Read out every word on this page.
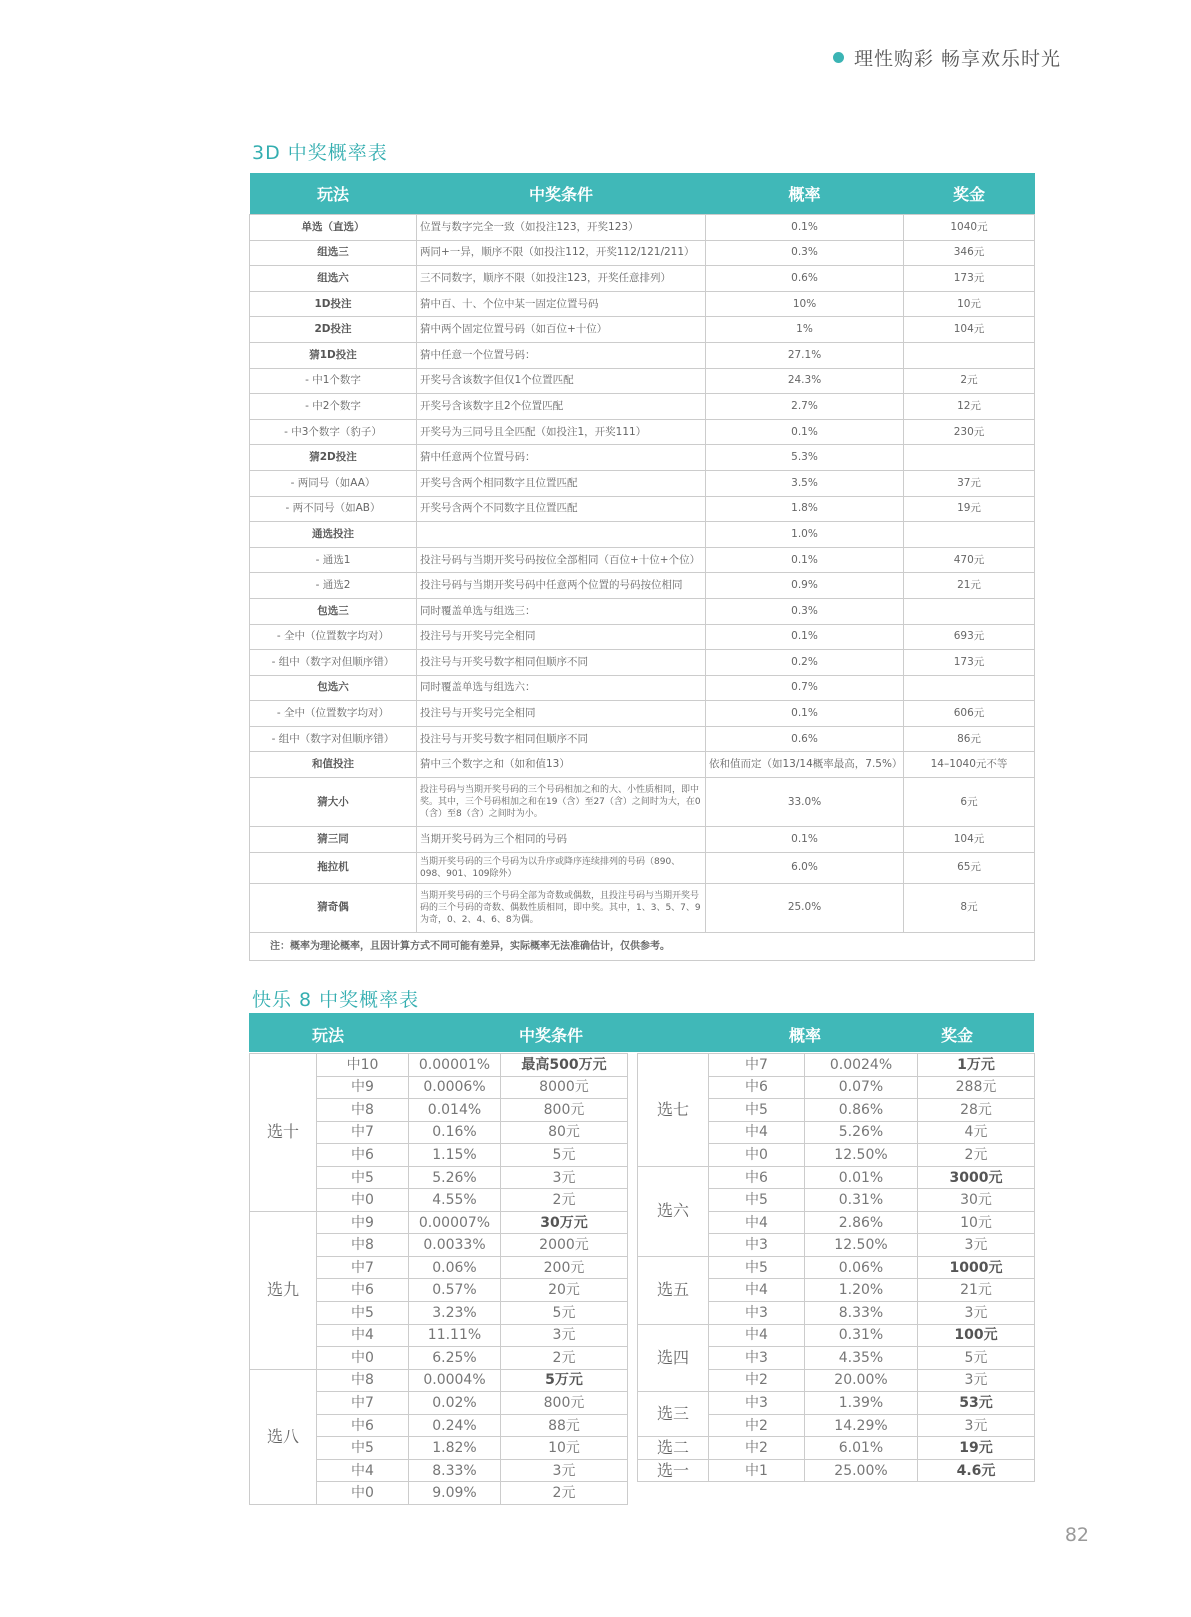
理性购彩 畅享欢乐时光
3D 中奖概率表
玩法	中奖条件	概率	奖金
单选（直选）	位置与数字完全一致（如投注123，开奖123）	0.1%	1040元
组选三	两同+一异，顺序不限（如投注112，开奖112/121/211）	0.3%	346元
组选六	三不同数字，顺序不限（如投注123，开奖任意排列）	0.6%	173元
1D投注	猜中百、十、个位中某一固定位置号码	10%	10元
2D投注	猜中两个固定位置号码（如百位+十位）	1%	104元
猜1D投注	猜中任意一个位置号码：	27.1%	
- 中1个数字	开奖号含该数字但仅1个位置匹配	24.3%	2元
- 中2个数字	开奖号含该数字且2个位置匹配	2.7%	12元
- 中3个数字（豹子）	开奖号为三同号且全匹配（如投注1，开奖111）	0.1%	230元
猜2D投注	猜中任意两个位置号码：	5.3%	
- 两同号（如AA）	开奖号含两个相同数字且位置匹配	3.5%	37元
- 两不同号（如AB）	开奖号含两个不同数字且位置匹配	1.8%	19元
通选投注		1.0%	
- 通选1	投注号码与当期开奖号码按位全部相同（百位+十位+个位）	0.1%	470元
- 通选2	投注号码与当期开奖号码中任意两个位置的号码按位相同	0.9%	21元
包选三	同时覆盖单选与组选三：	0.3%	
- 全中（位置数字均对）	投注号与开奖号完全相同	0.1%	693元
- 组中（数字对但顺序错）	投注号与开奖号数字相同但顺序不同	0.2%	173元
包选六	同时覆盖单选与组选六：	0.7%	
- 全中（位置数字均对）	投注号与开奖号完全相同	0.1%	606元
- 组中（数字对但顺序错）	投注号与开奖号数字相同但顺序不同	0.6%	86元
和值投注	猜中三个数字之和（如和值13）	依和值而定（如13/14概率最高，7.5%）	14–1040元不等
猜大小	投注号码与当期开奖号码的三个号码相加之和的大、小性质相同，即中奖。其中，三个号码相加之和在19（含）至27（含）之间时为大，在0（含）至8（含）之间时为小。	33.0%	6元
猜三同	当期开奖号码为三个相同的号码	0.1%	104元
拖拉机	当期开奖号码的三个号码为以升序或降序连续排列的号码（890、098、901、109除外）	6.0%	65元
猜奇偶	当期开奖号码的三个号码全部为奇数或偶数，且投注号码与当期开奖号码的三个号码的奇数、偶数性质相同，即中奖。其中，1、3、5、7、9为奇，0、2、4、6、8为偶。	25.0%	8元
注：概率为理论概率，且因计算方式不同可能有差异，实际概率无法准确估计，仅供参考。			
快乐 8 中奖概率表
玩法	中奖条件	概率	奖金
选十	中10	0.00001%	最高500万元
	中9	0.0006%	8000元
	中8	0.014%	800元
	中7	0.16%	80元
	中6	1.15%	5元
	中5	5.26%	3元
	中0	4.55%	2元
选九	中9	0.00007%	30万元
	中8	0.0033%	2000元
	中7	0.06%	200元
	中6	0.57%	20元
	中5	3.23%	5元
	中4	11.11%	3元
	中0	6.25%	2元
选八	中8	0.0004%	5万元
	中7	0.02%	800元
	中6	0.24%	88元
	中5	1.82%	10元
	中4	8.33%	3元
	中0	9.09%	2元
选七	中7	0.0024%	1万元
	中6	0.07%	288元
	中5	0.86%	28元
	中4	5.26%	4元
	中0	12.50%	2元
选六	中6	0.01%	3000元
	中5	0.31%	30元
	中4	2.86%	10元
	中3	12.50%	3元
选五	中5	0.06%	1000元
	中4	1.20%	21元
	中3	8.33%	3元
选四	中4	0.31%	100元
	中3	4.35%	5元
	中2	20.00%	3元
选三	中3	1.39%	53元
	中2	14.29%	3元
选二	中2	6.01%	19元
选一	中1	25.00%	4.6元
82
